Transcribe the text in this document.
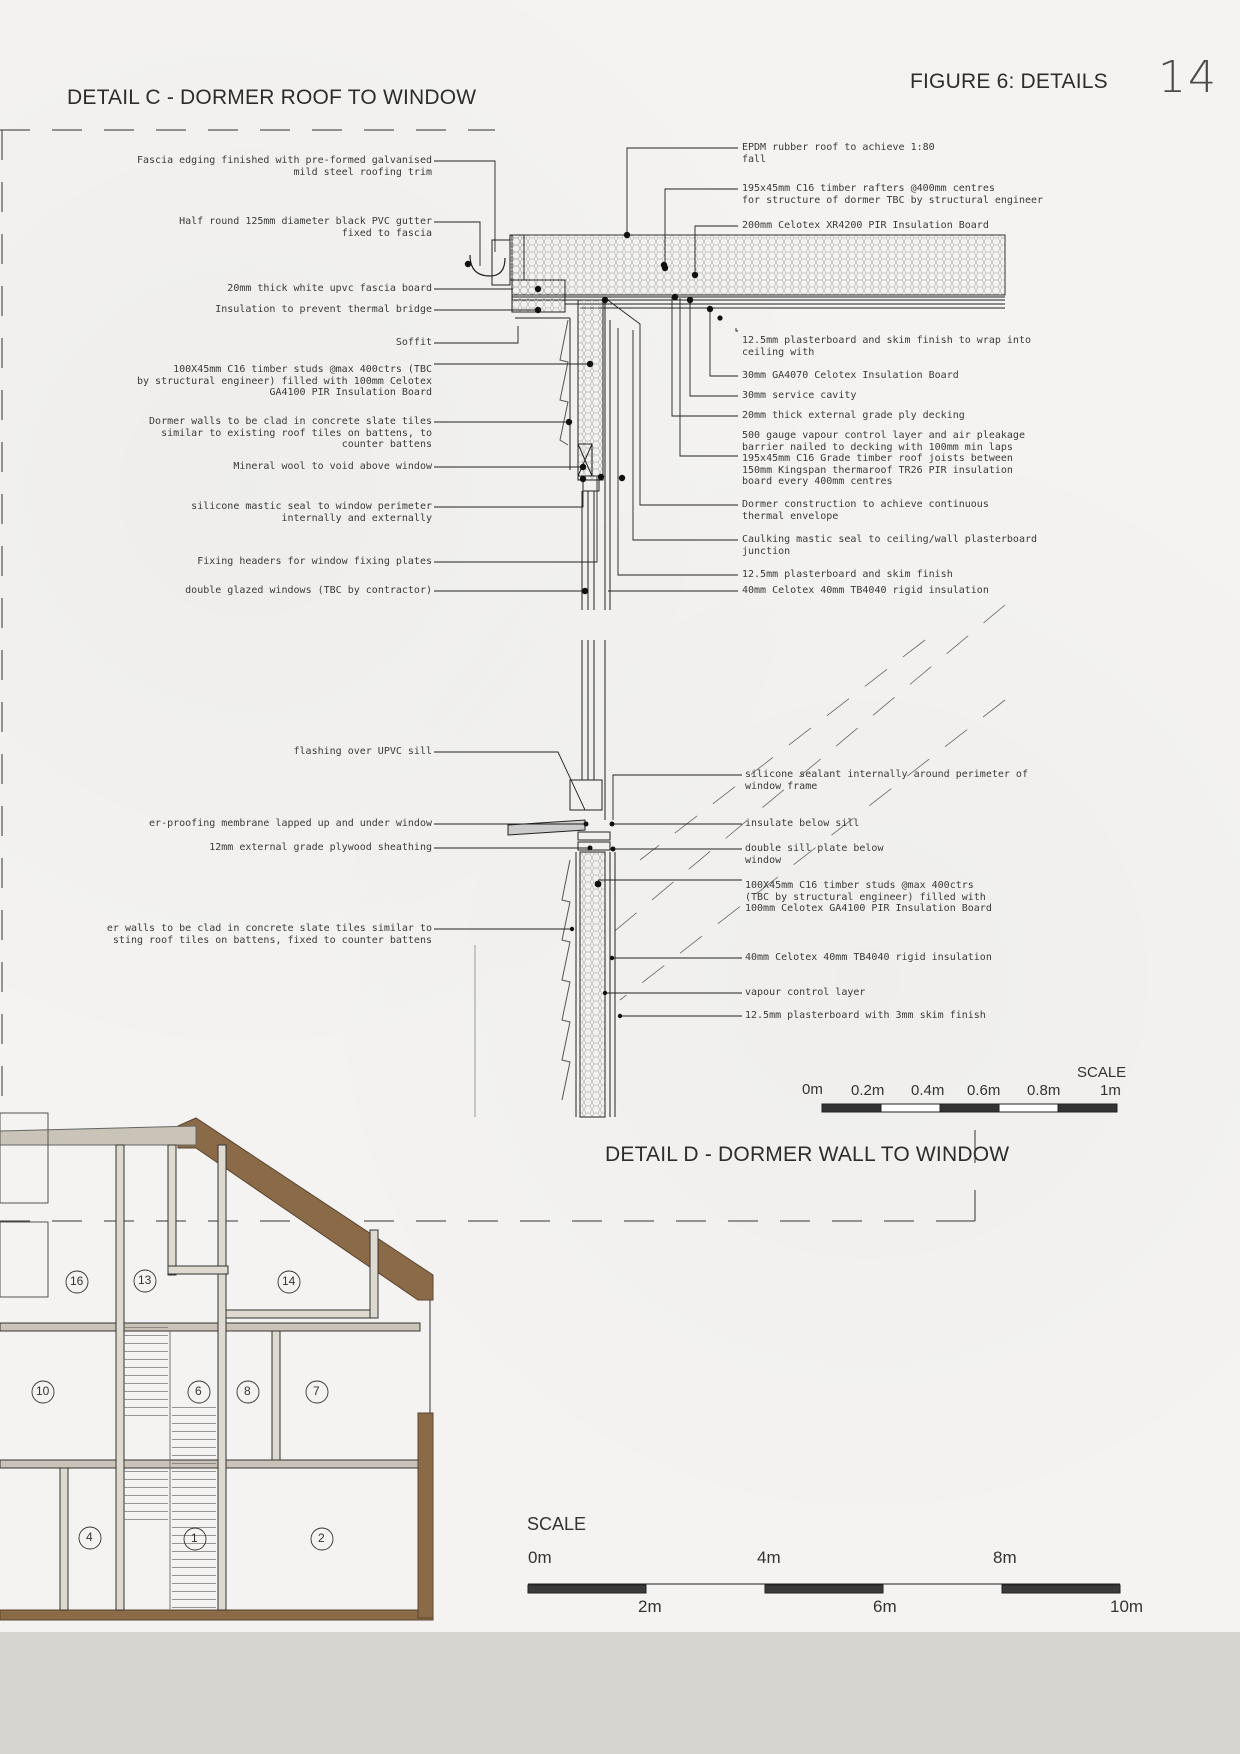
DETAIL C - DORMER ROOF TO WINDOW
FIGURE 6: DETAILS 14
DETAIL D - DORMER WALL TO WINDOW
Fascia edging finished with pre-formed galvanised
mild steel roofing trim
Half round 125mm diameter black PVC gutter
fixed to fascia
20mm thick white upvc fascia board
Insulation to prevent thermal bridge
Soffit
100X45mm C16 timber studs @max 400ctrs (TBC
by structural engineer) filled with 100mm Celotex
GA4100 PIR Insulation Board
Dormer walls to be clad in concrete slate tiles
similar to existing roof tiles on battens, to
counter battens
Mineral wool to void above window
silicone mastic seal to window perimeter
internally and externally
Fixing headers for window fixing plates
double glazed windows (TBC by contractor)
EPDM rubber roof to achieve 1:80
fall
195x45mm C16 timber rafters @400mm centres
for structure of dormer TBC by structural engineer
200mm Celotex XR4200 PIR Insulation Board
12.5mm plasterboard and skim finish to wrap into
ceiling with
30mm GA4070 Celotex Insulation Board
30mm service cavity
20mm thick external grade ply decking
500 gauge vapour control layer and air pleakage
barrier nailed to decking with 100mm min laps
195x45mm C16 Grade timber roof joists between
150mm Kingspan thermaroof TR26 PIR insulation
board every 400mm centres
Dormer construction to achieve continuous
thermal envelope
Caulking mastic seal to ceiling/wall plasterboard
junction
12.5mm plasterboard and skim finish
40mm Celotex 40mm TB4040 rigid insulation
flashing over UPVC sill
er-proofing membrane lapped up and under window
12mm external grade plywood sheathing
er walls to be clad in concrete slate tiles similar to
sting roof tiles on battens, fixed to counter battens
silicone sealant internally around perimeter of
window frame
insulate below sill
double sill plate below
window
100X45mm C16 timber studs @max 400ctrs
(TBC by structural engineer) filled with
100mm Celotex GA4100 PIR Insulation Board
40mm Celotex 40mm TB4040 rigid insulation
vapour control layer
12.5mm plasterboard with 3mm skim finish
SCALE
0m 0.2m 0.4m 0.6m 0.8m	1m
16	13	14
10	6	8	7
4	1	2
SCALE
0m	4m	8m
2m	6m	10m
